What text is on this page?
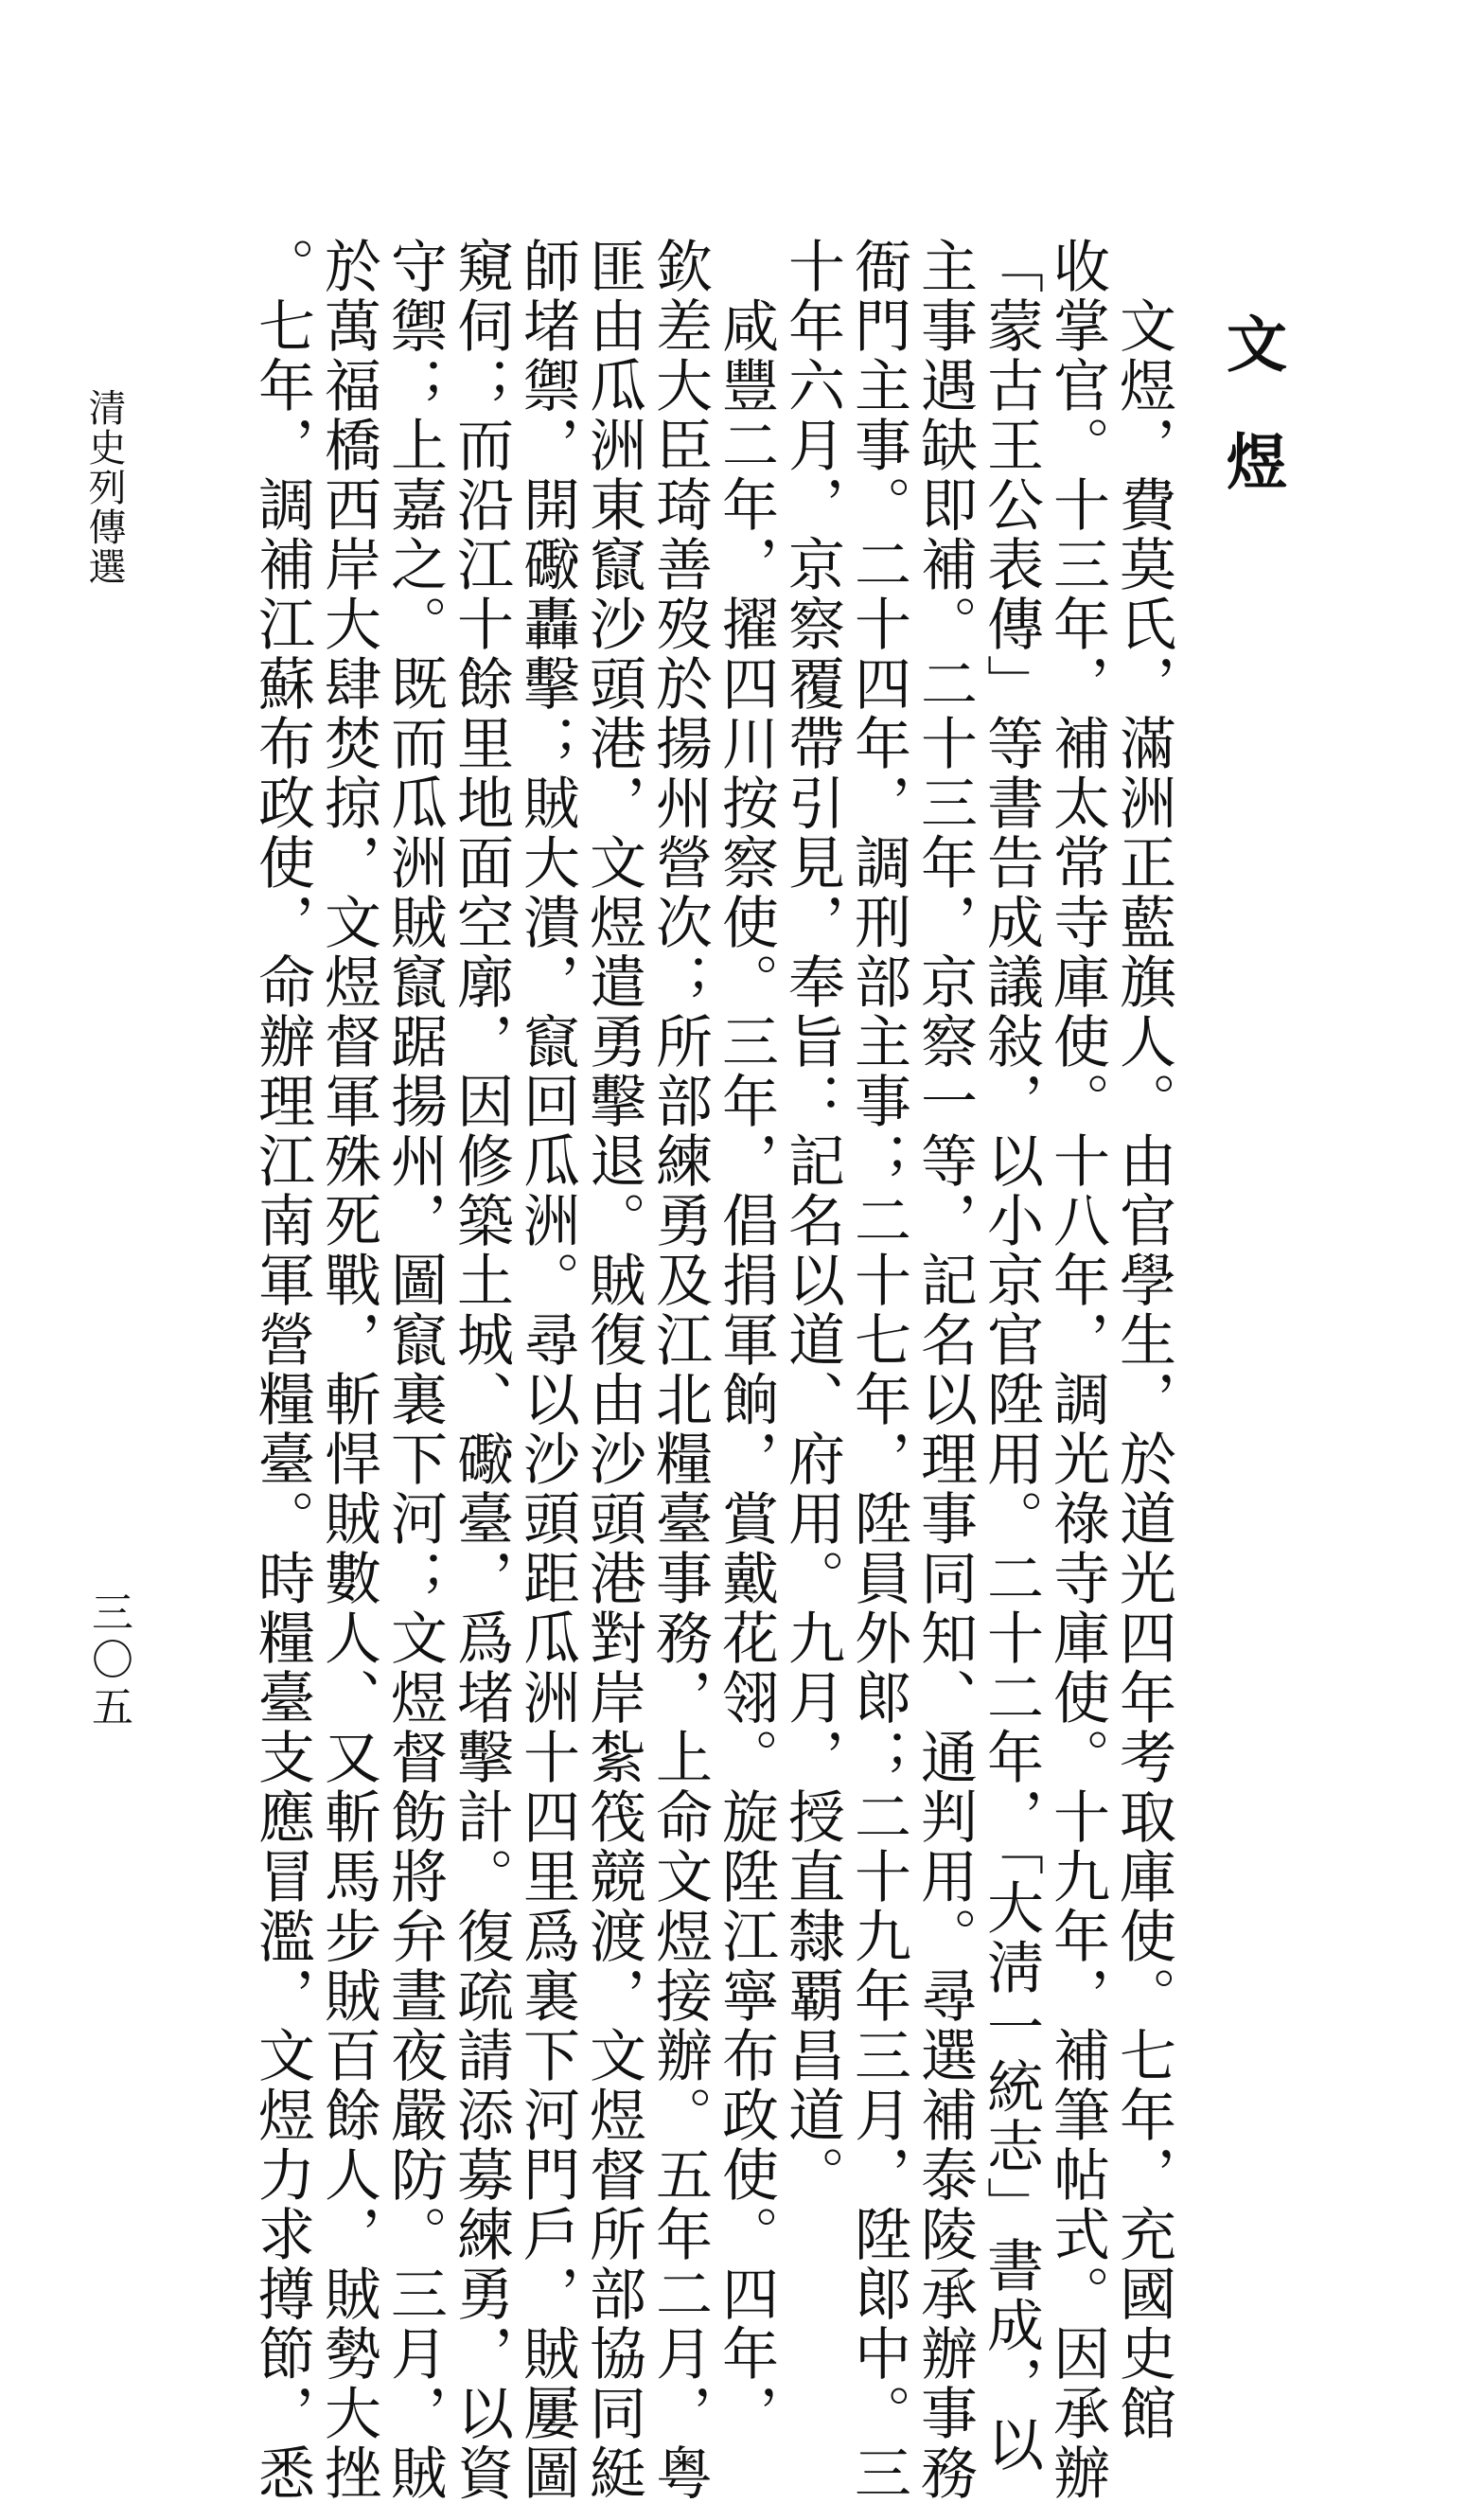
文煜
　文煜，費莫氏，滿洲正藍旗人。由官學生，於道光四年考取庫使。七年，充國史館
收掌官。十三年，補太常寺庫使。十八年，調光祿寺庫使。十九年，補筆帖式。因承辦
「蒙古王公表傳」等書告成議敍，以小京官陞用。二十二年，「大淸一統志」書成，以
主事遇缺即補。二十三年，京察一等，記名以理事同知、通判用。尋選補泰陵承辦事務
衙門主事。二十四年，調刑部主事；二十七年，陞員外郞；二十九年三月，陞郞中。三
十年六月，京察覆帶引見，奉旨：記名以道、府用。九月，授直隸覇昌道。
　咸豐二年，擢四川按察使。三年，倡捐軍餉，賞戴花翎。旋陞江寧布政使。四年，
欽差大臣琦善歿於揚州營次；所部練勇及江北糧臺事務，上命文煜接辦。五年二月，粤
匪由瓜洲東竄沙頭港，文煜遣勇擊退。賊復由沙頭港對岸紮筏競渡，文煜督所部協同綎
師堵禦，開礮轟擊；賊大潰，竄回瓜洲。尋以沙頭距瓜洲十四里爲裏下河門戶，賊屢圖
窺伺；而沿江十餘里地面空廓，因修築土城、礮臺，爲堵擊計。復疏請添募練勇，以資
守禦；上嘉之。既而瓜洲賊竄踞揚州，圖竄裏下河；文煜督飭將弁晝夜嚴防。三月，賊
於萬福橋西岸大肆焚掠，文煜督軍殊死戰，斬悍賊數人、又斬馬步賊百餘人，賊勢大挫
。七年，調補江蘇布政使，命辦理江南軍營糧臺。時糧臺支應冒濫，文煜力求撙節，悉
清史列傳選
三〇五
